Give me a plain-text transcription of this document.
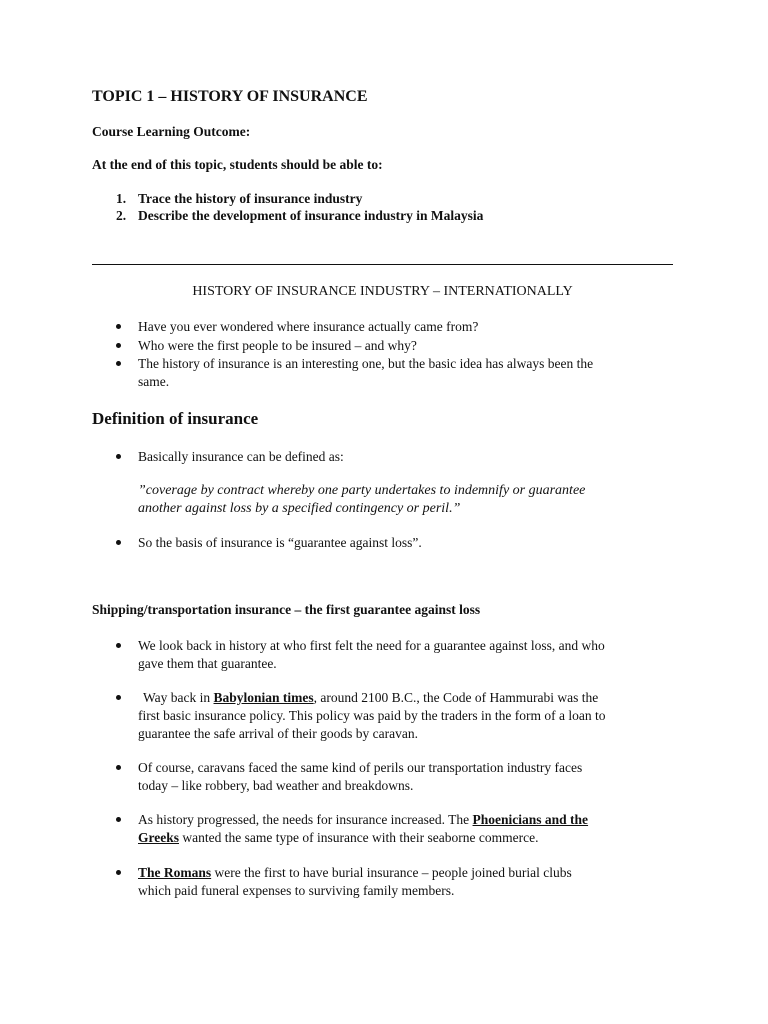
TOPIC 1 – HISTORY OF INSURANCE
Course Learning Outcome:
At the end of this topic, students should be able to:
1. Trace the history of insurance industry
2. Describe the development of insurance industry in Malaysia
HISTORY OF INSURANCE INDUSTRY – INTERNATIONALLY
Have you ever wondered where insurance actually came from?
Who were the first people to be insured – and why?
The history of insurance is an interesting one, but the basic idea has always been the
same.
Definition of insurance
Basically insurance can be defined as:
”coverage by contract whereby one party undertakes to indemnify or guarantee
another against loss by a specified contingency or peril.”
So the basis of insurance is “guarantee against loss”.
Shipping/transportation insurance – the first guarantee against loss
We look back in history at who first felt the need for a guarantee against loss, and who
gave them that guarantee.
Way back in Babylonian times, around 2100 B.C., the Code of Hammurabi was the
first basic insurance policy. This policy was paid by the traders in the form of a loan to
guarantee the safe arrival of their goods by caravan.
Of course, caravans faced the same kind of perils our transportation industry faces
today – like robbery, bad weather and breakdowns.
As history progressed, the needs for insurance increased. The Phoenicians and the
Greeks wanted the same type of insurance with their seaborne commerce.
The Romans were the first to have burial insurance – people joined burial clubs
which paid funeral expenses to surviving family members.
